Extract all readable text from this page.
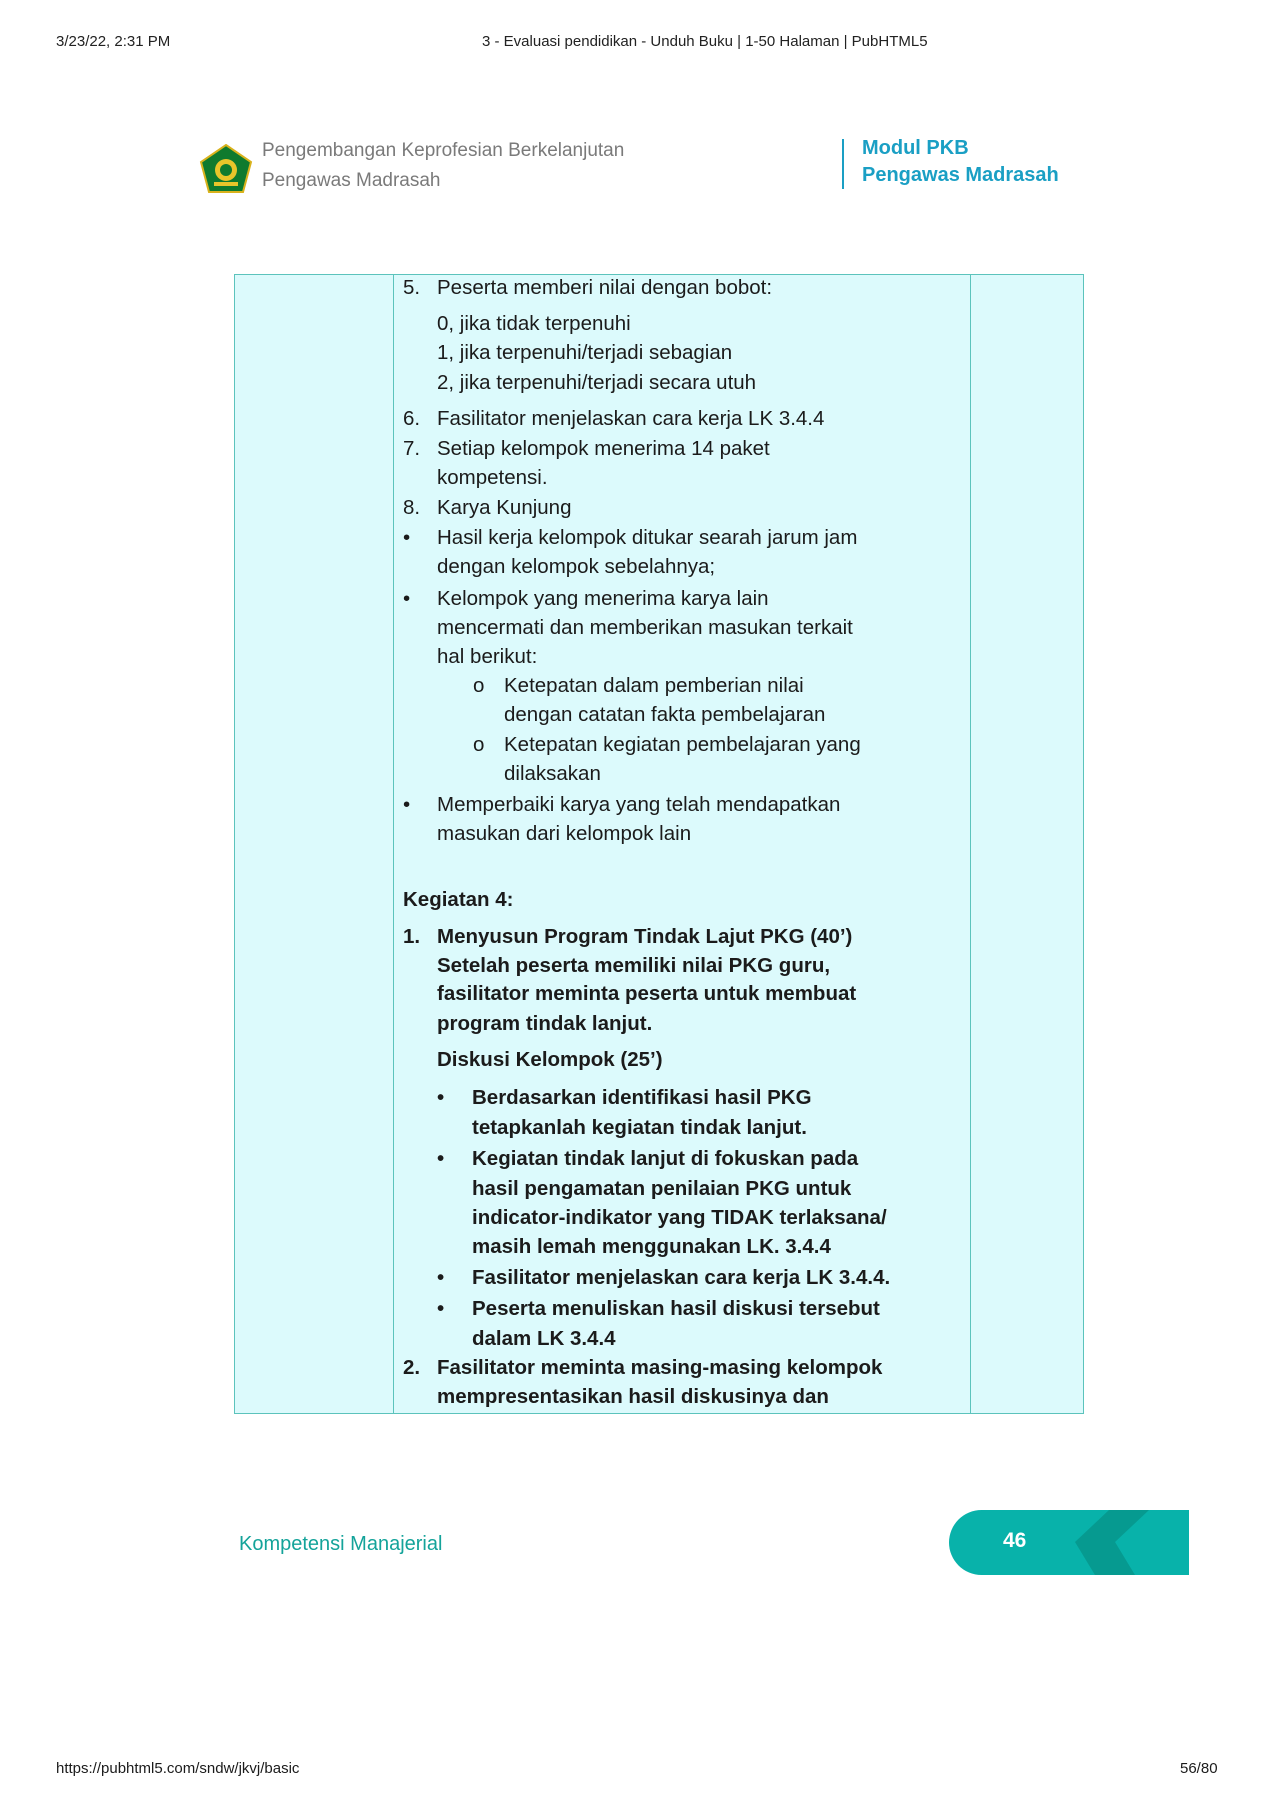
3/23/22, 2:31 PM	3 - Evaluasi pendidikan - Unduh Buku | 1-50 Halaman | PubHTML5
Pengembangan Keprofesian Berkelanjutan
Pengawas Madrasah
Modul PKB
Pengawas Madrasah
5. Peserta memberi nilai dengan bobot:
0, jika tidak terpenuhi
1, jika terpenuhi/terjadi sebagian
2, jika terpenuhi/terjadi secara utuh
6. Fasilitator menjelaskan cara kerja LK 3.4.4
7. Setiap kelompok menerima 14 paket
kompetensi.
8. Karya Kunjung
• Hasil kerja kelompok ditukar searah jarum jam
dengan kelompok sebelahnya;
• Kelompok yang menerima karya lain
mencermati dan memberikan masukan terkait
hal berikut:
o Ketepatan dalam pemberian nilai
dengan catatan fakta pembelajaran
o Ketepatan kegiatan pembelajaran yang
dilaksakan
• Memperbaiki karya yang telah mendapatkan
masukan dari kelompok lain
Kegiatan 4:
1. Menyusun Program Tindak Lajut PKG (40’)
Setelah peserta memiliki nilai PKG guru,
fasilitator meminta peserta untuk membuat
program tindak lanjut.
Diskusi Kelompok (25’)
• Berdasarkan identifikasi hasil PKG
tetapkanlah kegiatan tindak lanjut.
• Kegiatan tindak lanjut di fokuskan pada
hasil pengamatan penilaian PKG untuk
indicator-indikator yang TIDAK terlaksana/
masih lemah menggunakan LK. 3.4.4
• Fasilitator menjelaskan cara kerja LK 3.4.4.
• Peserta menuliskan hasil diskusi tersebut
dalam LK 3.4.4
2. Fasilitator meminta masing-masing kelompok
mempresentasikan hasil diskusinya dan
Kompetensi Manajerial	46
https://pubhtml5.com/sndw/jkvj/basic	56/80
